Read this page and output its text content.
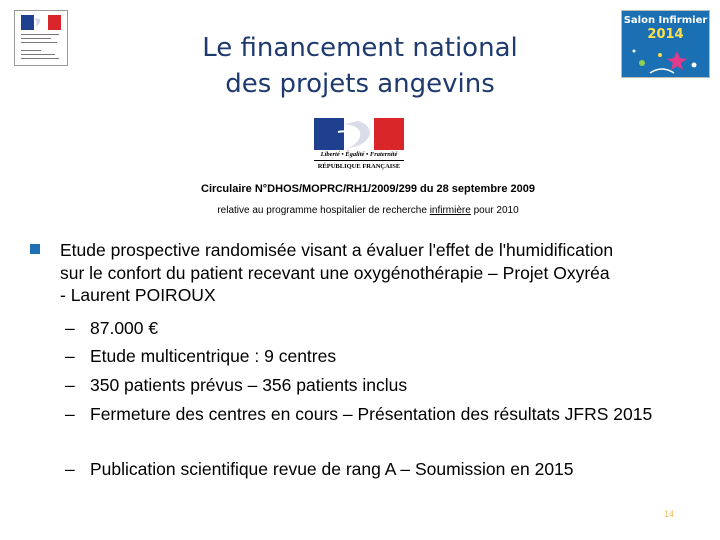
Le financement national
des projets angevins
Salon Infirmier
2014
Liberté • Égalité • Fraternité
RÉPUBLIQUE FRANÇAISE
Circulaire N°DHOS/MOPRC/RH1/2009/299 du 28 septembre 2009
relative au programme hospitalier de recherche infirmière pour 2010
Etude prospective randomisée visant a évaluer l'effet de l'humidification sur le confort du patient recevant une oxygénothérapie – Projet Oxyréa - Laurent POIROUX
– 87.000 €
– Etude multicentrique : 9 centres
– 350 patients prévus – 356 patients inclus
– Fermeture des centres en cours – Présentation des résultats JFRS 2015
– Publication scientifique revue de rang A – Soumission en 2015
14
